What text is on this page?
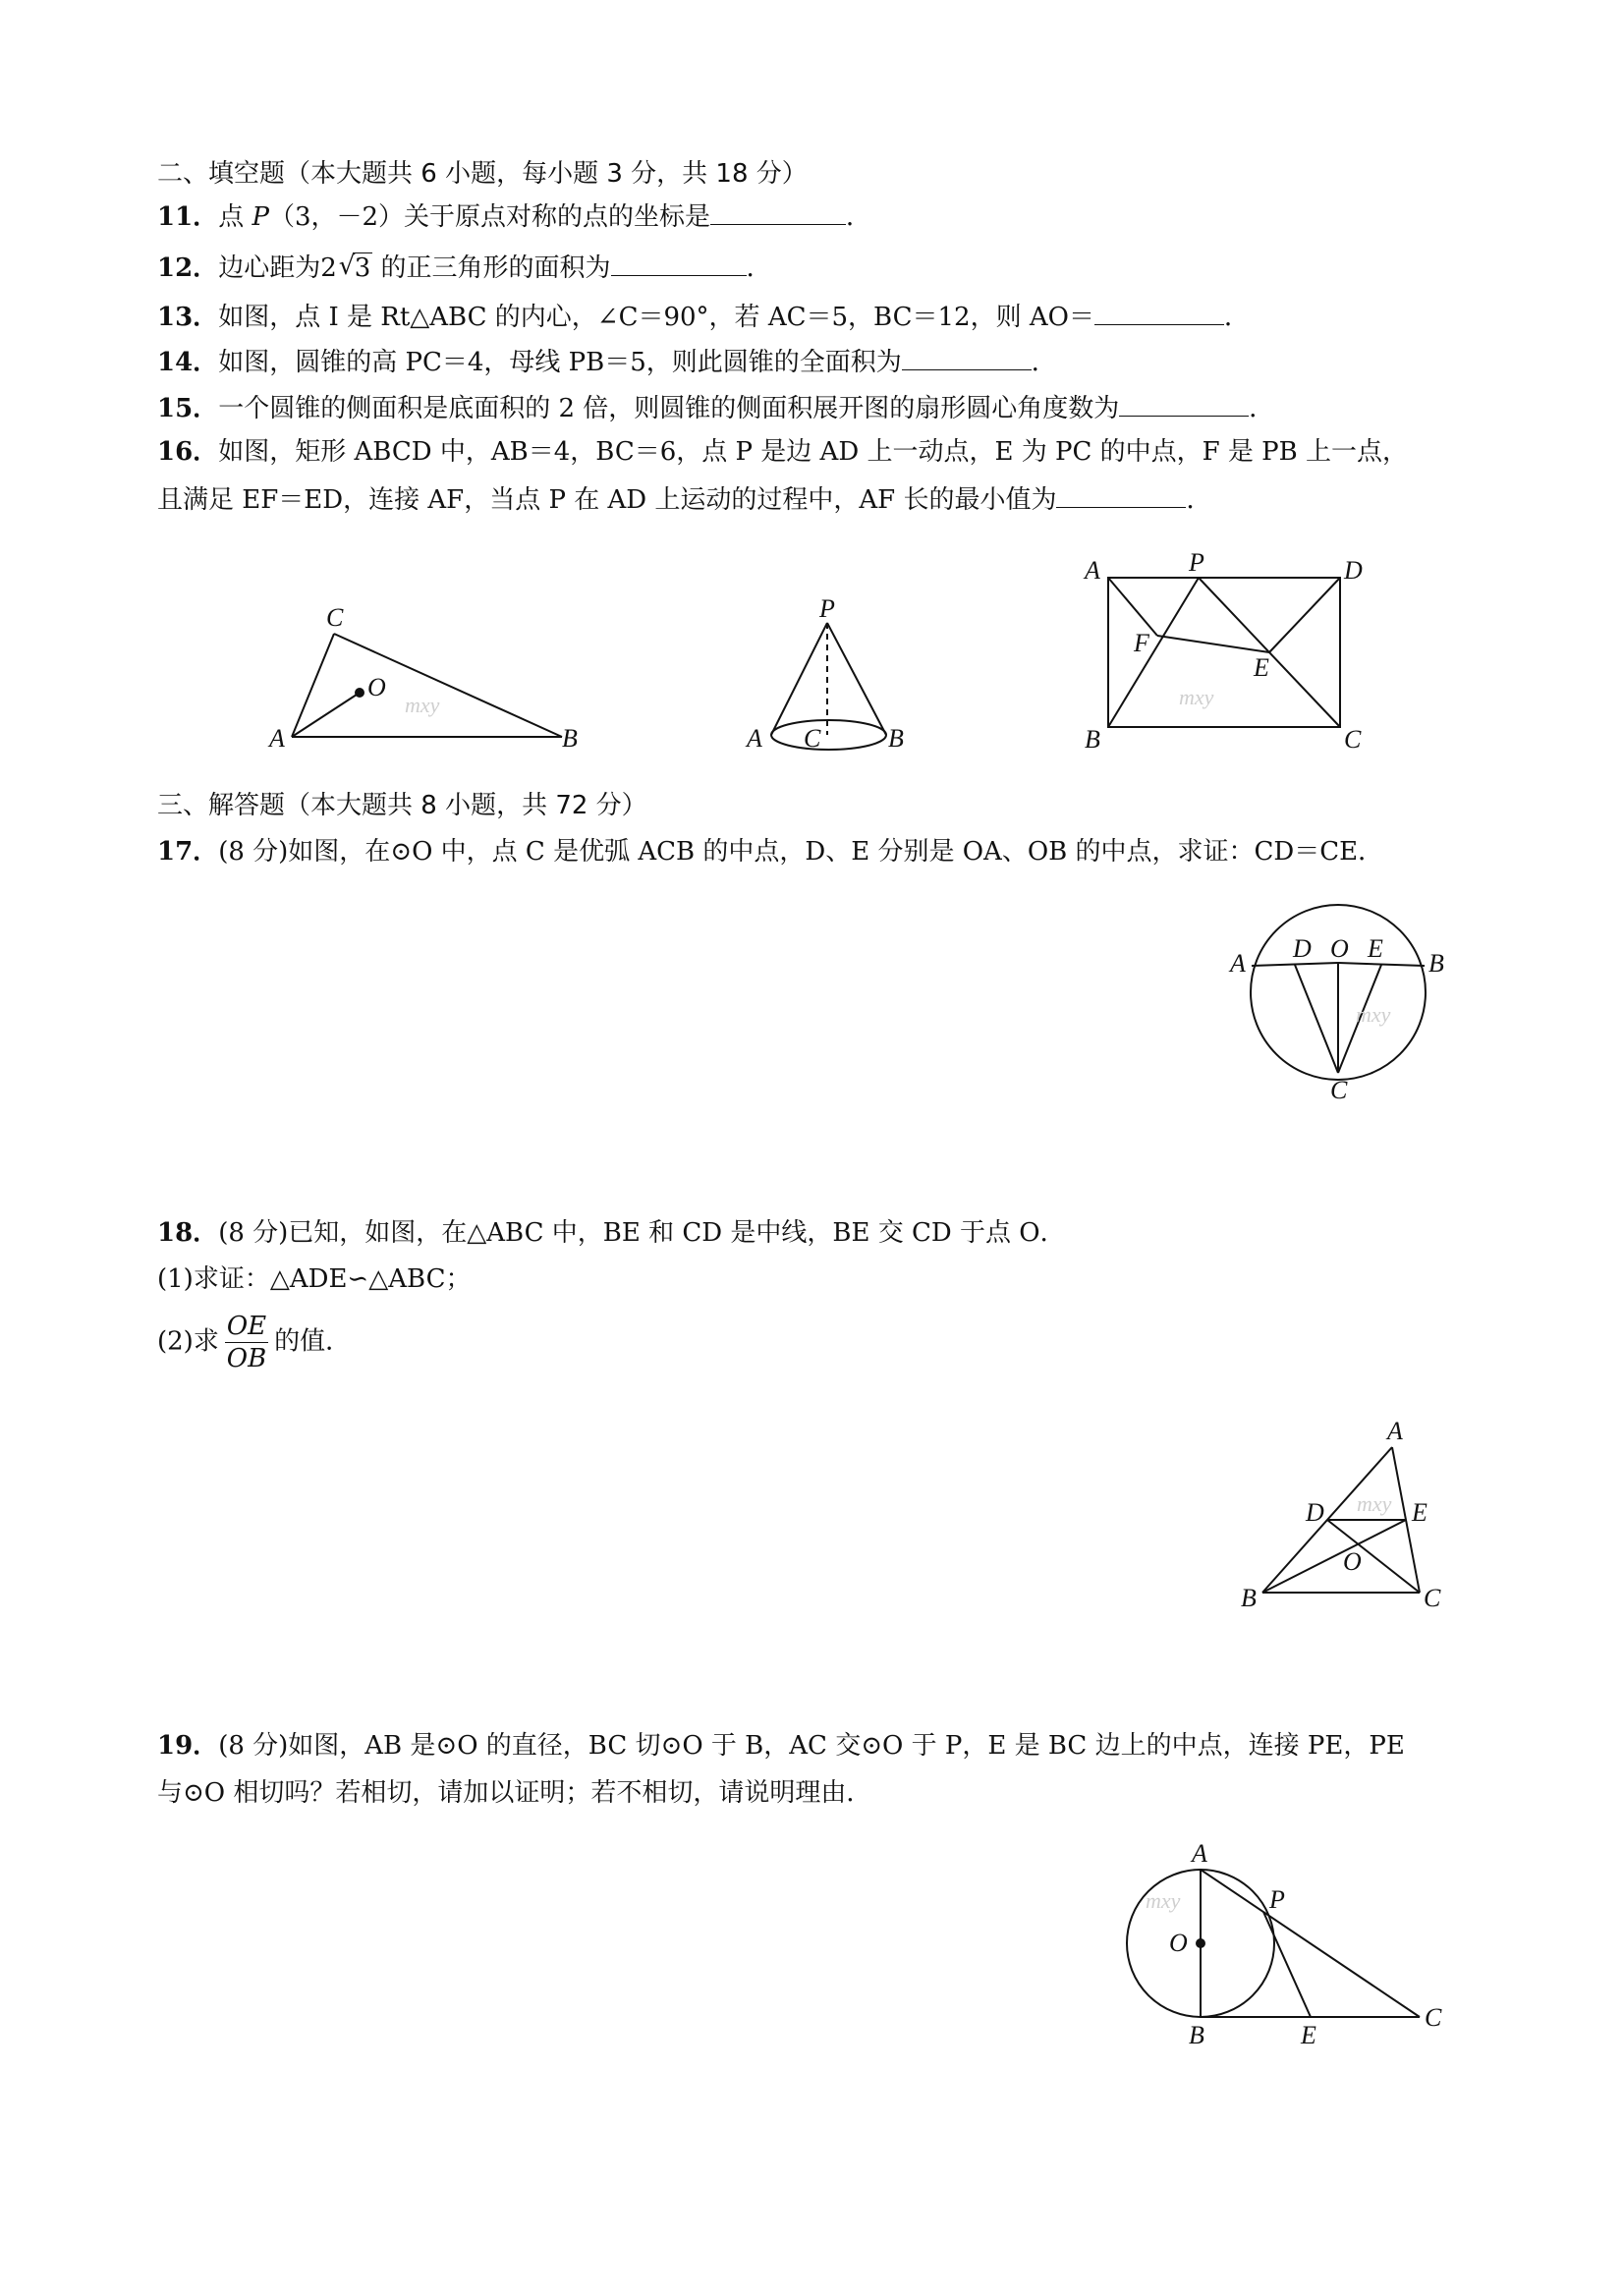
二、填空题（本大题共 6 小题，每小题 3 分，共 18 分）
11．点 P（3，－2）关于原点对称的点的坐标是	．
12．边心距为2√ 3 的正三角形的面积为	．
13．如图，点 I 是 Rt△ABC 的内心，∠C＝90°，若 AC＝5，BC＝12，则 AO＝	．
14．如图，圆锥的高 PC＝4，母线 PB＝5，则此圆锥的全面积为	．
15．一个圆锥的侧面积是底面积的 2 倍，则圆锥的侧面积展开图的扇形圆心角度数为	．
16．如图，矩形 ABCD 中，AB＝4，BC＝6，点 P 是边 AD 上一动点，E 为 PC 的中点，F 是 PB 上一点，
且满足 EF＝ED，连接 AF，当点 P 在 AD 上运动的过程中，AF 长的最小值为	．
C
O
A	B
mxy
P
A C	B
A	P	D
F
E
B	C
mxy
三、解答题（本大题共 8 小题，共 72 分）
17．(8 分)如图，在⊙O 中，点 C 是优弧 ACB 的中点，D、E 分别是 OA、OB 的中点，求证：CD＝CE．
A
D O E
B
C
mxy
18．(8 分)已知，如图，在△ABC 中，BE 和 CD 是中线，BE 交 CD 于点 O．
(1)求证：△ADE∽△ABC；
(2)求 $\frac{OE}{OB}$ 的值．
A
D	E
O
B	C
mxy
19．(8 分)如图，AB 是⊙O 的直径，BC 切⊙O 于 B，AC 交⊙O 于 P，E 是 BC 边上的中点，连接 PE，PE
与⊙O 相切吗？若相切，请加以证明；若不相切，请说明理由．
A
P
O
B	E
C
mxy
